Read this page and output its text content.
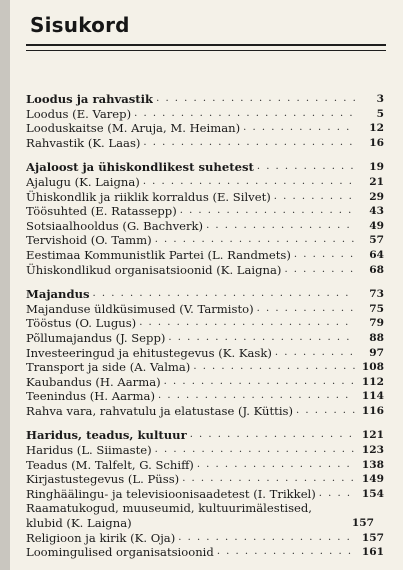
Sisukord
Loodus ja rahvastik . . .	3
Loodus (E. Varep) . . .	5
Looduskaitse (M. Aruja, M. Heiman) . . .	12
Rahvastik (K. Laas) . . .	16
Ajaloost ja ühiskondlikest suhetest . . .	19
Ajalugu (K. Laigna) . . .	21
Ühiskondlik ja riiklik korraldus (E. Silvet) . . .	29
Töösuhted (E. Ratassepp) . . .	43
Sotsiaalhooldus (G. Bachverk) . . .	49
Tervishoid (O. Tamm) . . .	57
Eestimaa Kommunistlik Partei (L. Randmets) . . .	64
Ühiskondlikud organisatsioonid (K. Laigna) . . .	68
Majandus . . .	73
Majanduse üldküsimused (V. Tarmisto) . . .	75
Tööstus (O. Lugus) . . .	79
Põllumajandus (J. Sepp) . . .	88
Investeeringud ja ehitustegevus (K. Kask) . . .	97
Transport ja side (A. Valma) . . .	108
Kaubandus (H. Aarma) . . .	112
Teenindus (H. Aarma) . . .	114
Rahva vara, rahvatulu ja elatustase (J. Küttis) . . .	116
Haridus, teadus, kultuur . . .	121
Haridus (L. Siimaste) . . .	123
Teadus (M. Talfelt, G. Schiff) . . .	138
Kirjastustegevus (L. Püss) . . .	149
Ringhäälingu- ja televisioonisaadetest (I. Trikkel) . . .	154
Raamatukogud, muuseumid, kultuurimälestised, klubid (K. Laigna)	157
Religioon ja kirik (K. Oja) . . .	157
Loomingulised organisatsioonid . . .	161
